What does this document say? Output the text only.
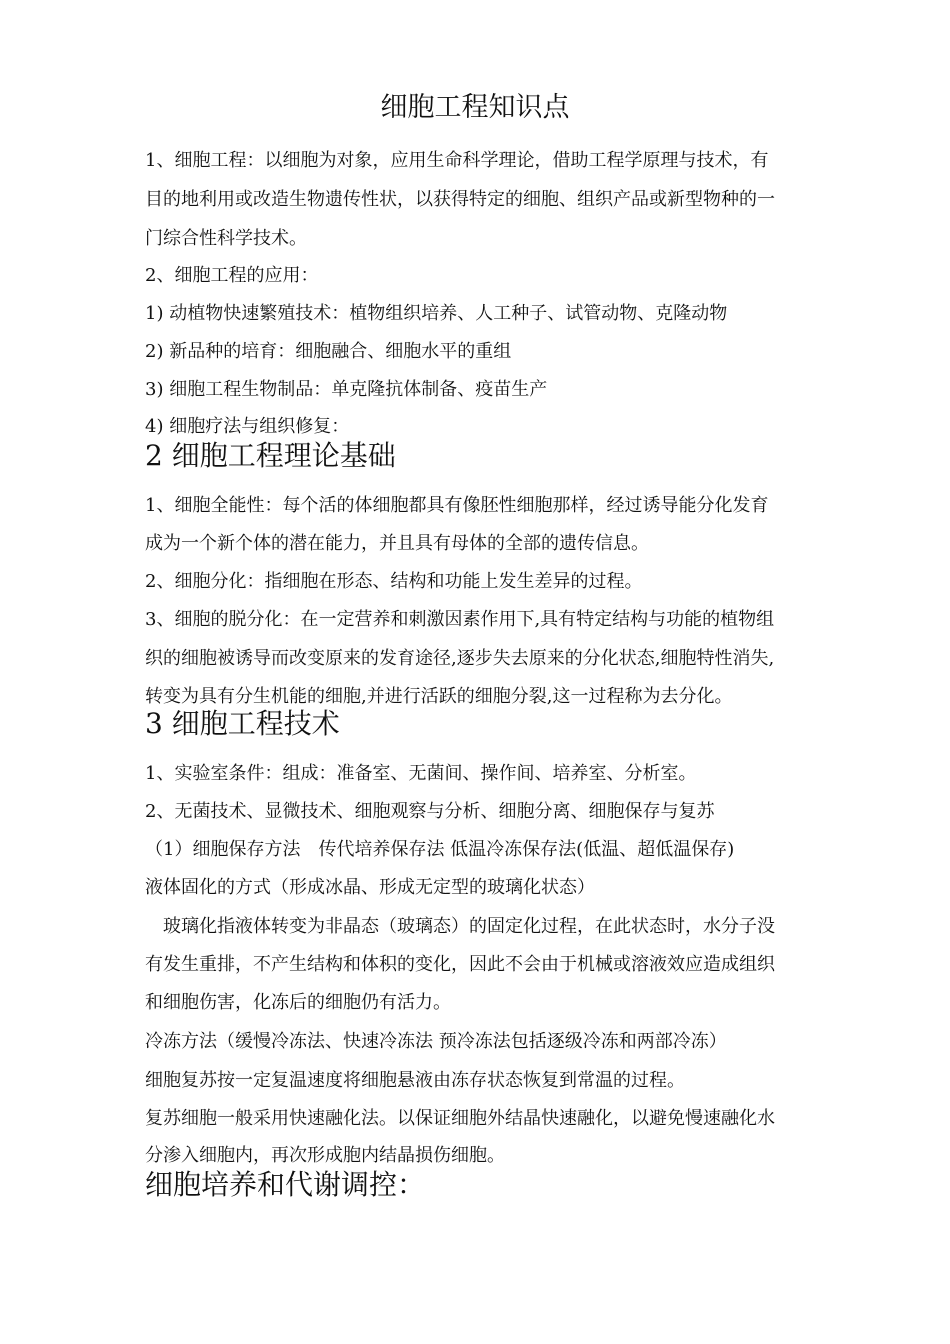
细胞工程知识点
1、细胞工程：以细胞为对象，应用生命科学理论，借助工程学原理与技术，有
目的地利用或改造生物遗传性状，以获得特定的细胞、组织产品或新型物种的一
门综合性科学技术。
2、细胞工程的应用：
1) 动植物快速繁殖技术：植物组织培养、人工种子、试管动物、克隆动物
2) 新品种的培育：细胞融合、细胞水平的重组
3) 细胞工程生物制品：单克隆抗体制备、疫苗生产
4) 细胞疗法与组织修复：
2 细胞工程理论基础
1、细胞全能性：每个活的体细胞都具有像胚性细胞那样，经过诱导能分化发育
成为一个新个体的潜在能力，并且具有母体的全部的遗传信息。
2、细胞分化：指细胞在形态、结构和功能上发生差异的过程。
3、细胞的脱分化：在一定营养和刺激因素作用下,具有特定结构与功能的植物组
织的细胞被诱导而改变原来的发育途径,逐步失去原来的分化状态,细胞特性消失,
转变为具有分生机能的细胞,并进行活跃的细胞分裂,这一过程称为去分化。
3 细胞工程技术
1、实验室条件：组成：准备室、无菌间、操作间、培养室、分析室。
2、无菌技术、显微技术、细胞观察与分析、细胞分离、细胞保存与复苏
（1）细胞保存方法　传代培养保存法 低温冷冻保存法(低温、超低温保存)
液体固化的方式（形成冰晶、形成无定型的玻璃化状态）
　玻璃化指液体转变为非晶态（玻璃态）的固定化过程，在此状态时，水分子没
有发生重排，不产生结构和体积的变化，因此不会由于机械或溶液效应造成组织
和细胞伤害，化冻后的细胞仍有活力。
冷冻方法（缓慢冷冻法、快速冷冻法 预冷冻法包括逐级冷冻和两部冷冻）
细胞复苏按一定复温速度将细胞悬液由冻存状态恢复到常温的过程。
复苏细胞一般采用快速融化法。以保证细胞外结晶快速融化，以避免慢速融化水
分渗入细胞内，再次形成胞内结晶损伤细胞。
细胞培养和代谢调控：
